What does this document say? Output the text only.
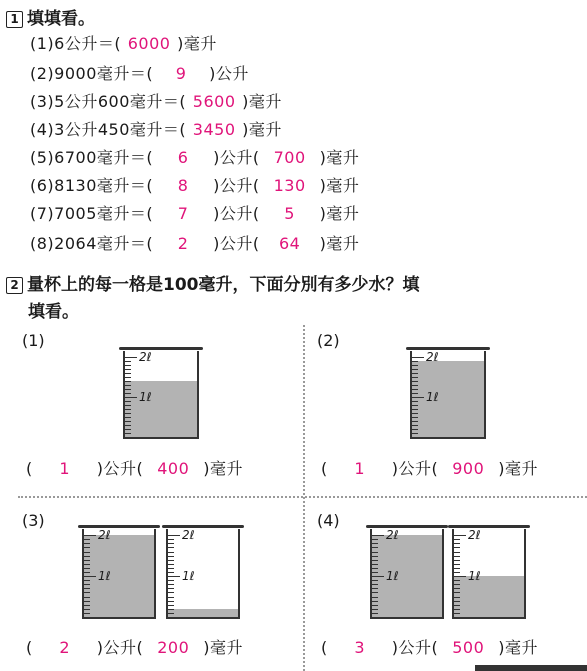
1 填填看。
(1)6公升＝( 6000 )毫升
(2)9000毫升＝( 9 )公升
(3)5公升600毫升＝( 5600 )毫升
(4)3公升450毫升＝( 3450 )毫升
(5)6700毫升＝( 6 )公升( 700 )毫升
(6)8130毫升＝( 8 )公升( 130 )毫升
(7)7005毫升＝( 7 )公升( 5 )毫升
(8)2064毫升＝( 2 )公升( 64 )毫升
2 量杯上的每一格是100毫升，下面分別有多少水？填
填看。
(1)
2ℓ
1ℓ
( 1 )公升( 400 )毫升
(2)
2ℓ
1ℓ
( 1 )公升( 900 )毫升
(3)
2ℓ
1ℓ
2ℓ
1ℓ
( 2 )公升( 200 )毫升
(4)
2ℓ
1ℓ
2ℓ
1ℓ
( 3 )公升( 500 )毫升
